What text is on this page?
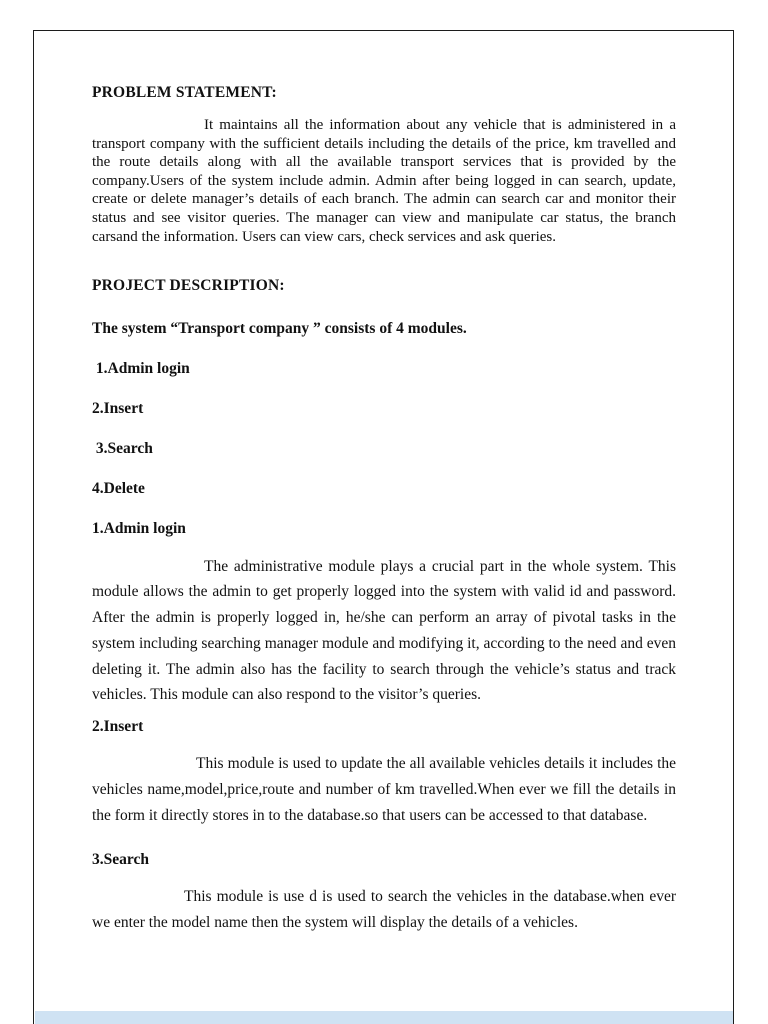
PROBLEM STATEMENT:

It maintains all the information about any vehicle that is administered in a transport company with the sufficient details including the details of the price, km travelled and the route details along with all the available transport services that is provided by the company.Users of the system include admin. Admin after being logged in can search, update, create or delete manager’s details of each branch. The admin can search car and monitor their status and see visitor queries. The manager can view and manipulate car status, the branch carsand the information. Users can view cars, check services and ask queries.

PROJECT DESCRIPTION:

The system “Transport company ” consists of 4 modules.

1.Admin login

2.Insert

3.Search

4.Delete

1.Admin login

The administrative module plays a crucial part in the whole system. This module allows the admin to get properly logged into the system with valid id and password. After the admin is properly logged in, he/she can perform an array of pivotal tasks in the system including searching manager module and modifying it, according to the need and even deleting it. The admin also has the facility to search through the vehicle’s status and track vehicles. This module can also respond to the visitor’s queries.

2.Insert

This module is used to update the all available vehicles details it includes the vehicles name,model,price,route and number of km travelled.When ever we fill the details in the form it directly stores in to the database.so that users can be accessed to that database.

3.Search

This module is use d is used to search the vehicles in the database.when ever we enter the model name then the system will display the details of a vehicles.
